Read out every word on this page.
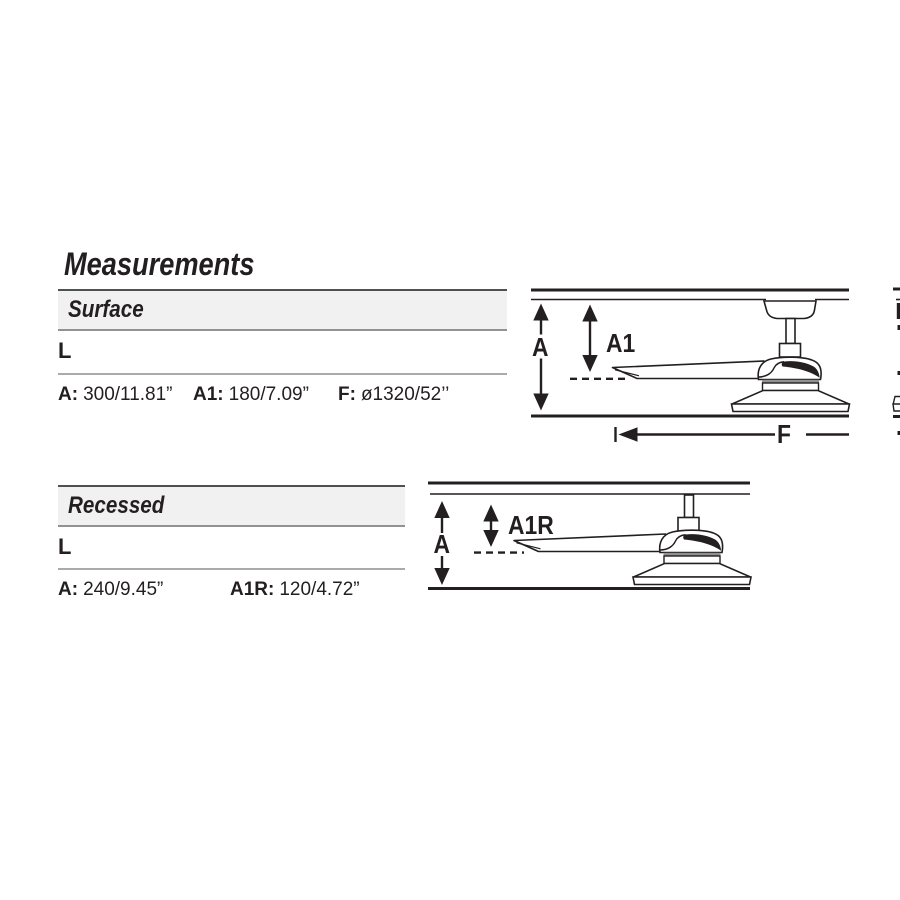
Measurements
Surface
L
A: 300/11.81” A1: 180/7.09” F: ø1320/52’’
Recessed
L
A: 240/9.45”	A1R: 120/4.72”
A A1
F
A
A1R
